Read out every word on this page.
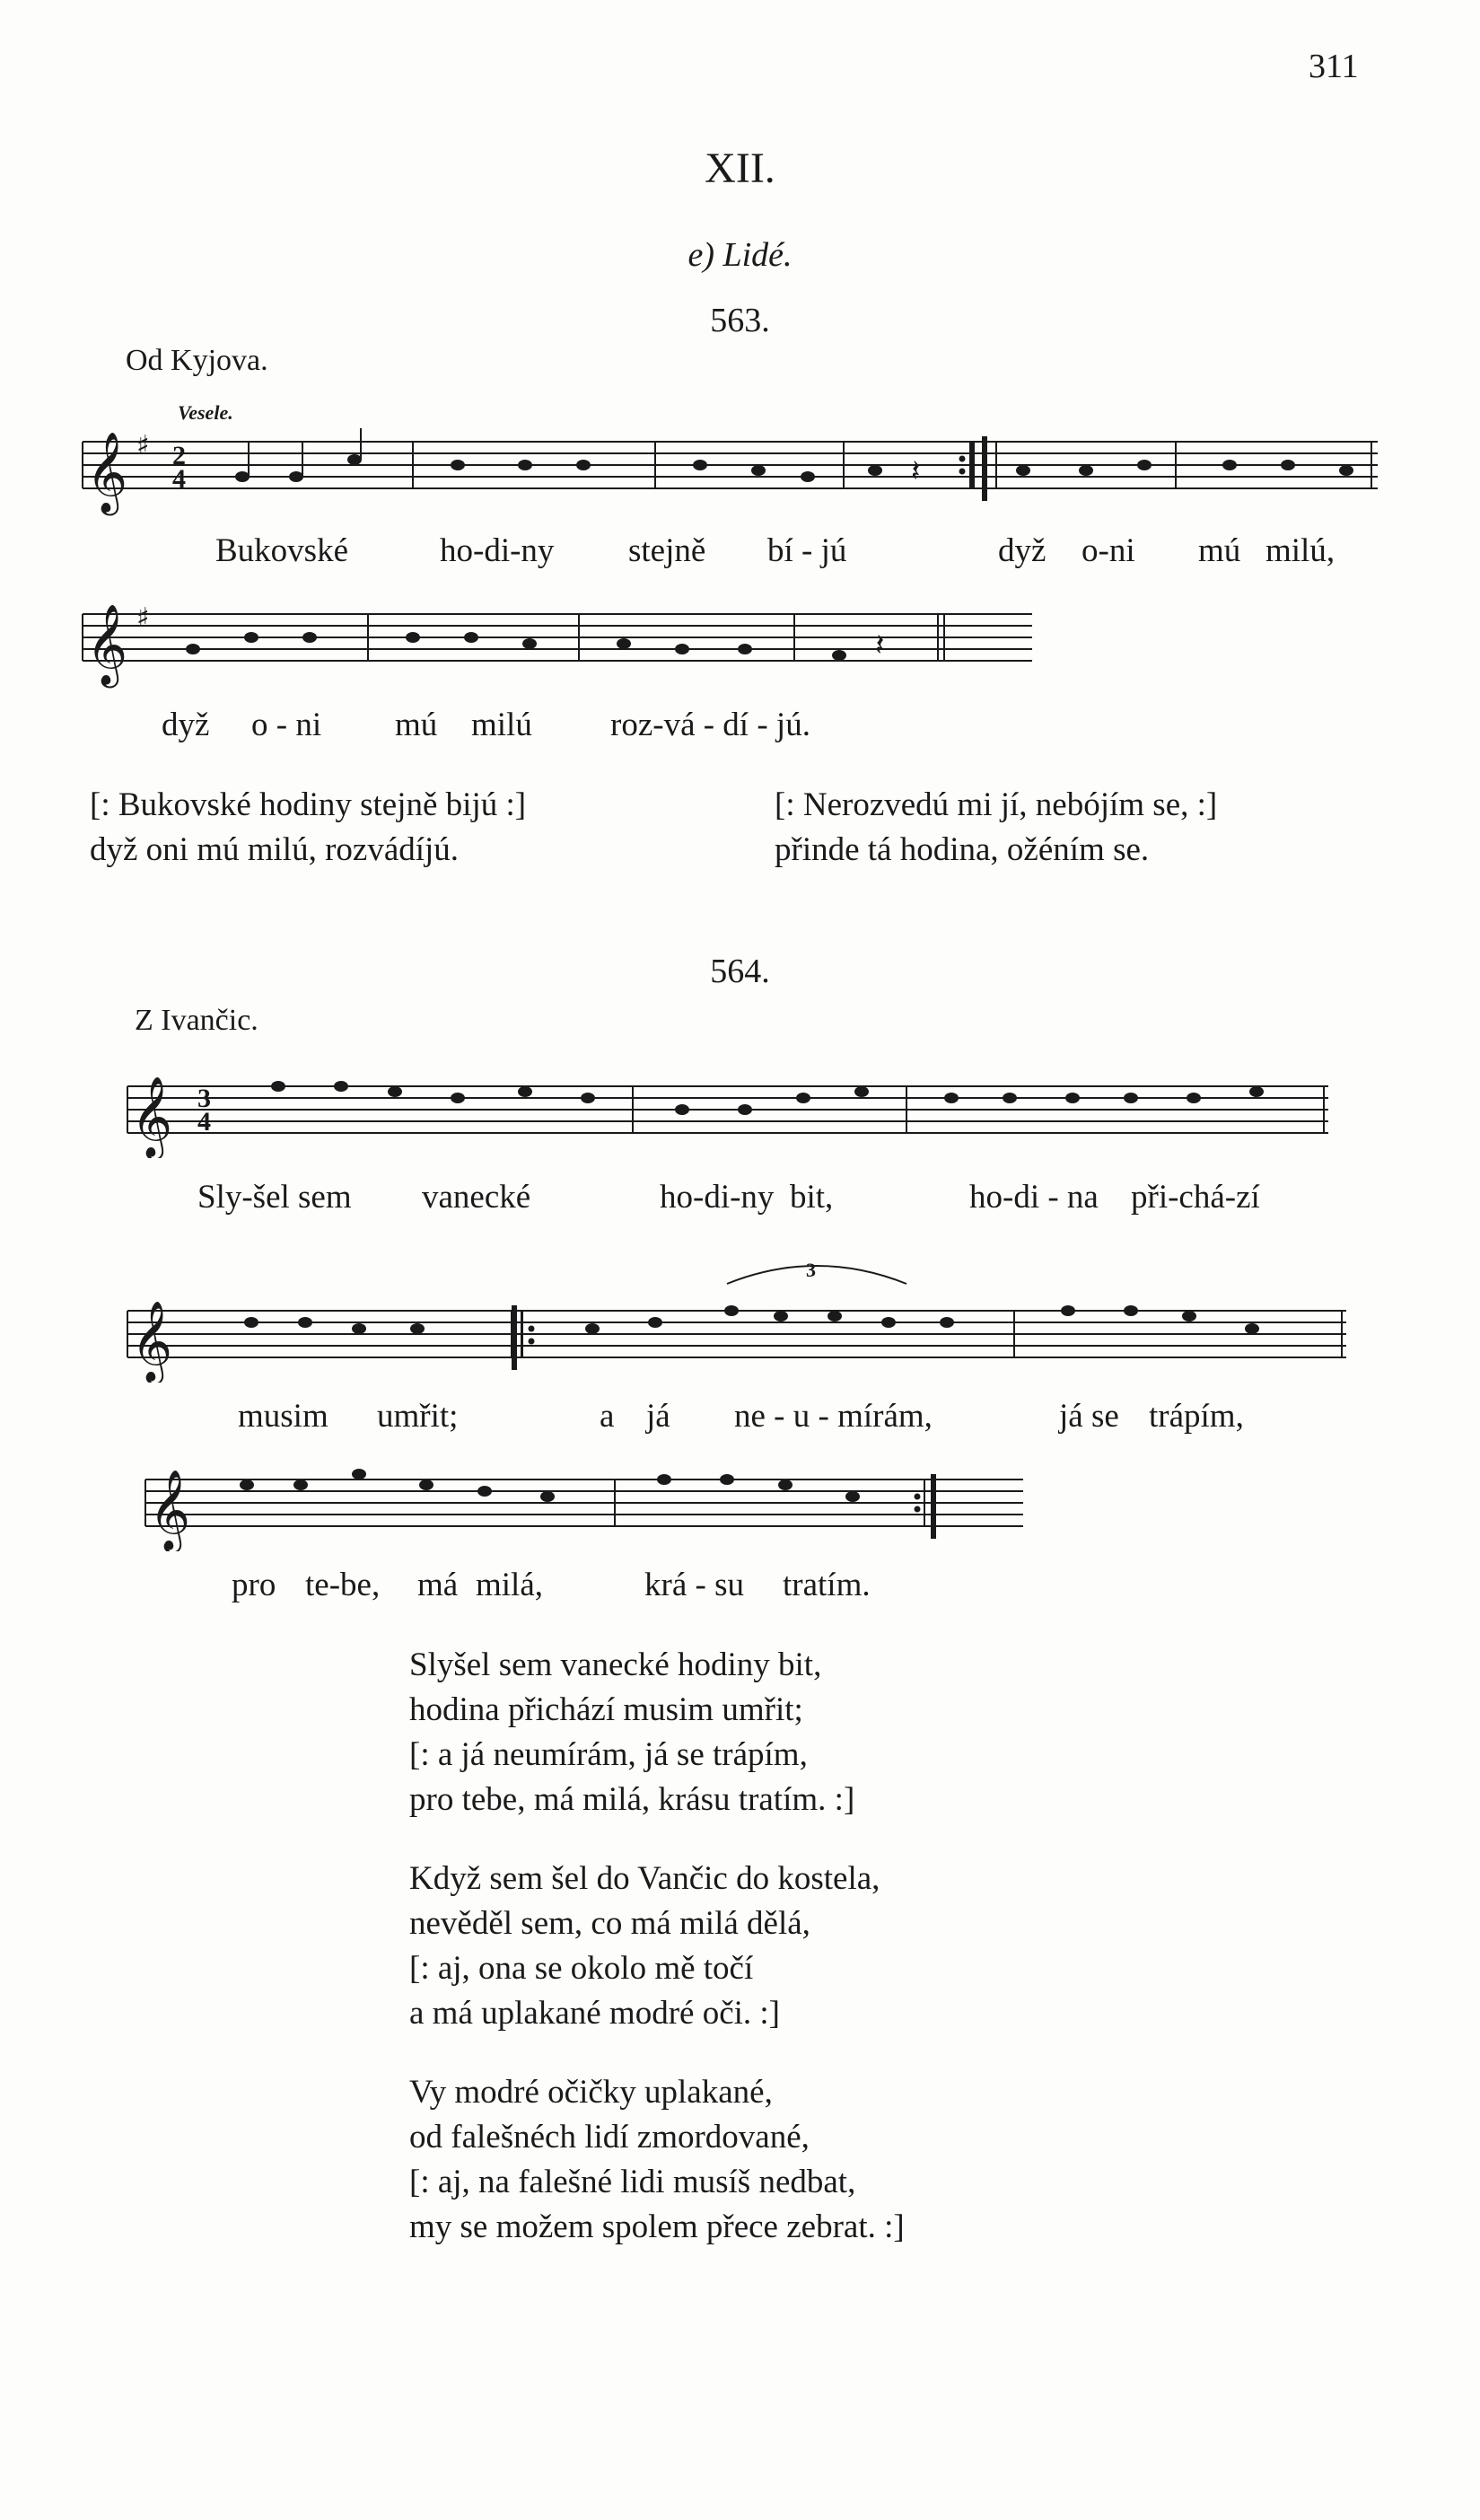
311
XII.
e) Lidé.
563.
Od Kyjova.
Vesele.
𝄞 ♯ 2
4	𝄽
Bukovské	ho-di-ny stejně bí - jú	dyž o-ni mú milú,
𝄞 ♯
𝄽
dyž o - ni mú milú roz-vá - dí - jú.
[: Bukovské hodiny stejně bijú :]
dyž oni mú milú, rozvádíjú.
[: Nerozvedú mi jí, nebójím se, :]
přinde tá hodina, ožéním se.
564.
Z Ivančic.
𝄞 3
4
Sly-šel sem vanecké	ho-di-ny bit,	ho-di - na při-chá-zí
3
𝄞
musim umřit;	a já ne - u - mírám,	já se trápím,
𝄞
pro te-be, má milá,	krá - su tratím.
Slyšel sem vanecké hodiny bit,
hodina přichází musim umřit;
[: a já neumírám, já se trápím,
pro tebe, má milá, krásu tratím. :]
Když sem šel do Vančic do kostela,
nevěděl sem, co má milá dělá,
[: aj, ona se okolo mě točí
a má uplakané modré oči. :]
Vy modré očičky uplakané,
od falešnéch lidí zmordované,
[: aj, na falešné lidi musíš nedbat,
my se možem spolem přece zebrat. :]
